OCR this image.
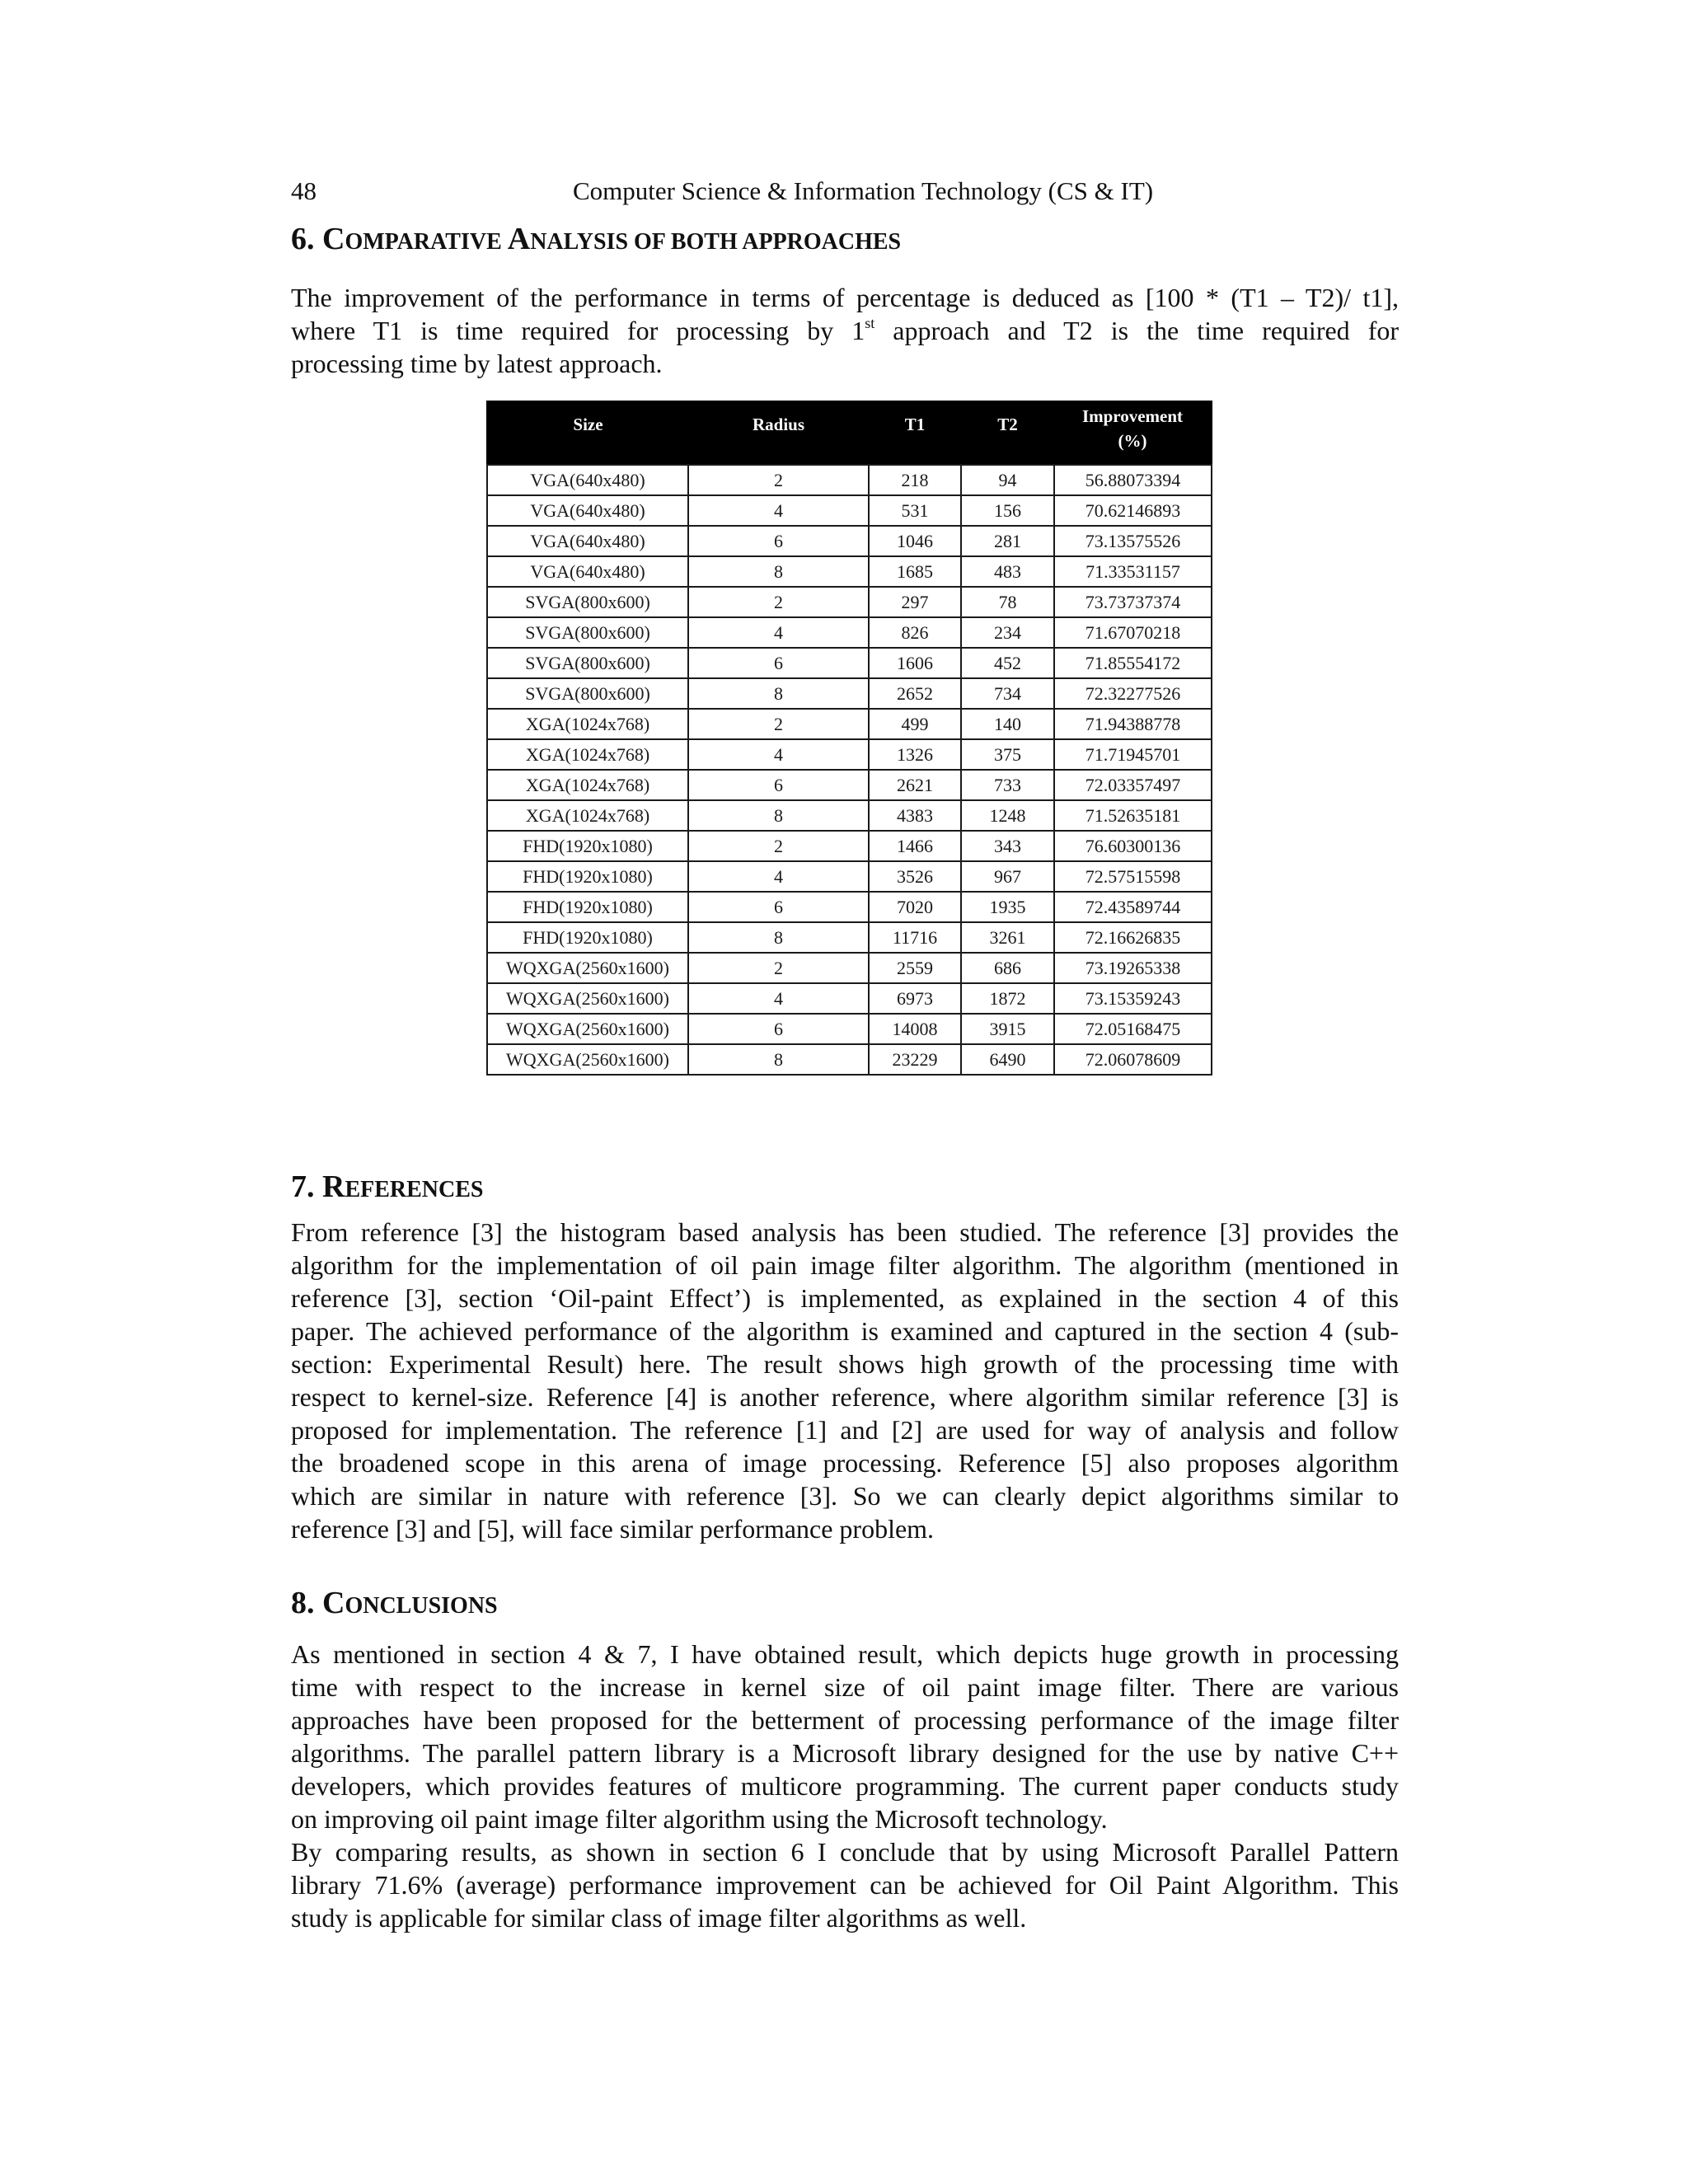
48	Computer Science & Information Technology (CS & IT)
6. COMPARATIVE ANALYSIS OF BOTH APPROACHES
The improvement of the performance in terms of percentage is deduced as [100 * (T1 – T2)/ t1],
where T1 is time required for processing by 1st approach and T2 is the time required for
processing time by latest approach.
Size	Radius	T1	T2	Improvement
(%)

VGA(640x480)	2	218	94	56.88073394
VGA(640x480)	4	531	156	70.62146893
VGA(640x480)	6	1046	281	73.13575526
VGA(640x480)	8	1685	483	71.33531157
SVGA(800x600)	2	297	78	73.73737374
SVGA(800x600)	4	826	234	71.67070218
SVGA(800x600)	6	1606	452	71.85554172
SVGA(800x600)	8	2652	734	72.32277526
XGA(1024x768)	2	499	140	71.94388778
XGA(1024x768)	4	1326	375	71.71945701
XGA(1024x768)	6	2621	733	72.03357497
XGA(1024x768)	8	4383	1248	71.52635181
FHD(1920x1080)	2	1466	343	76.60300136
FHD(1920x1080)	4	3526	967	72.57515598
FHD(1920x1080)	6	7020	1935	72.43589744
FHD(1920x1080)	8	11716	3261	72.16626835
WQXGA(2560x1600)	2	2559	686	73.19265338
WQXGA(2560x1600)	4	6973	1872	73.15359243
WQXGA(2560x1600)	6	14008	3915	72.05168475
WQXGA(2560x1600)	8	23229	6490	72.06078609
7. REFERENCES
From reference [3] the histogram based analysis has been studied. The reference [3] provides the
algorithm for the implementation of oil pain image filter algorithm. The algorithm (mentioned in
reference [3], section ‘Oil-paint Effect’) is implemented, as explained in the section 4 of this
paper. The achieved performance of the algorithm is examined and captured in the section 4 (sub-
section: Experimental Result) here. The result shows high growth of the processing time with
respect to kernel-size. Reference [4] is another reference, where algorithm similar reference [3] is
proposed for implementation. The reference [1] and [2] are used for way of analysis and follow
the broadened scope in this arena of image processing. Reference [5] also proposes algorithm
which are similar in nature with reference [3]. So we can clearly depict algorithms similar to
reference [3] and [5], will face similar performance problem.
8. CONCLUSIONS
As mentioned in section 4 & 7, I have obtained result, which depicts huge growth in processing
time with respect to the increase in kernel size of oil paint image filter. There are various
approaches have been proposed for the betterment of processing performance of the image filter
algorithms. The parallel pattern library is a Microsoft library designed for the use by native C++
developers, which provides features of multicore programming. The current paper conducts study
on improving oil paint image filter algorithm using the Microsoft technology.
By comparing results, as shown in section 6 I conclude that by using Microsoft Parallel Pattern
library 71.6% (average) performance improvement can be achieved for Oil Paint Algorithm. This
study is applicable for similar class of image filter algorithms as well.
